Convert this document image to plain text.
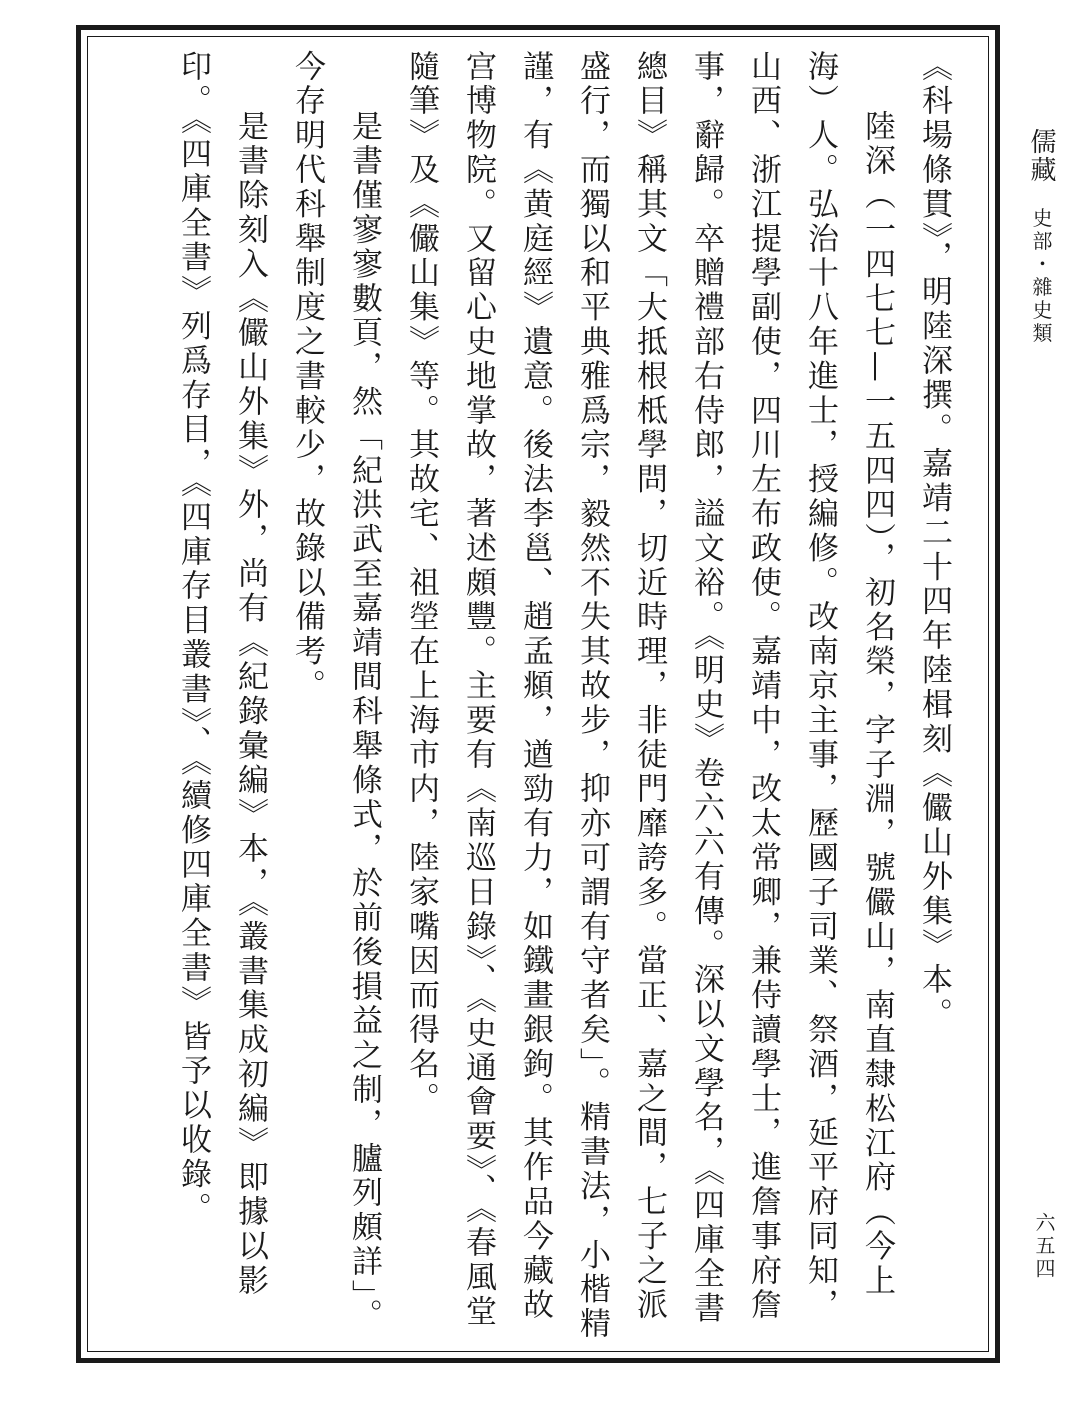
《科場條貫》，明陸深撰。嘉靖二十四年陸楫刻《儼山外集》本。

陸深（一四七七—一五四四），初名榮，字子淵，號儼山，南直隸松江府（今上海）人。弘治十八年進士，授編修。改南京主事，歷國子司業、祭酒，延平府同知，山西、浙江提學副使，四川左布政使。嘉靖中，改太常卿，兼侍讀學士，進詹事府詹事，辭歸。卒贈禮部右侍郎，謚文裕。《明史》卷六六有傳。深以文學名，《四庫全書總目》稱其文「大抵根柢學問，切近時理，非徒門靡誇多。當正、嘉之間，七子之派盛行，而獨以和平典雅爲宗，毅然不失其故步，抑亦可謂有守者矣」。精書法，小楷精謹，有《黄庭經》遺意。後法李邕、趙孟頫，遒勁有力，如鐵畫銀鉤。其作品今藏故宫博物院。又留心史地掌故，著述頗豐。主要有《南巡日錄》、《史通會要》、《春風堂隨筆》及《儼山集》等。其故宅、祖塋在上海市内，陸家嘴因而得名。

是書僅寥寥數頁，然「紀洪武至嘉靖間科舉條式，於前後損益之制，臚列頗詳」。今存明代科舉制度之書較少，故錄以備考。

是書除刻入《儼山外集》外，尚有《紀錄彙編》本，《叢書集成初編》即據以影印。《四庫全書》列爲存目，《四庫存目叢書》、《續修四庫全書》皆予以收錄。	儒藏 史部・雜史類
六五四
